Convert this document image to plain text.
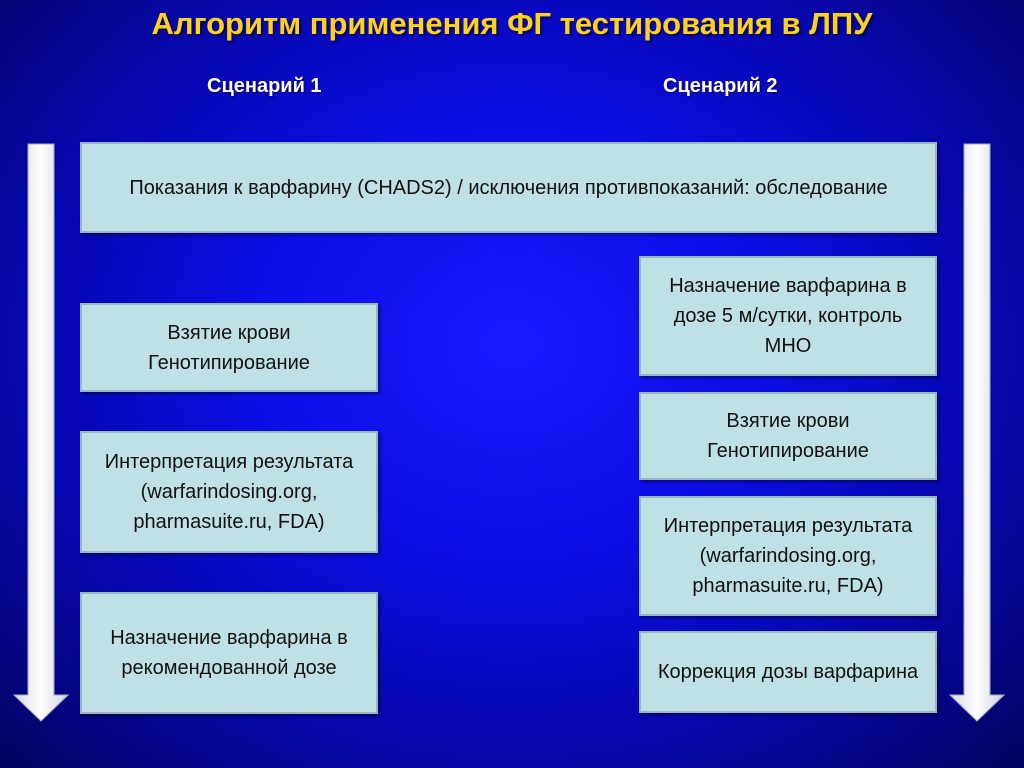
Алгоритм применения ФГ тестирования в ЛПУ
Сценарий 1	Сценарий 2
Показания к варфарину (CHADS2) / исключения противпоказаний: обследование
Взятие крови Генотипирование
Интерпретация результата (warfarindosing.org, pharmasuite.ru, FDA)
Назначение варфарина в рекомендованной дозе
Назначение варфарина в дозе 5 м/сутки, контроль МНО
Взятие крови Генотипирование
Интерпретация результата (warfarindosing.org, pharmasuite.ru, FDA)
Коррекция дозы варфарина
